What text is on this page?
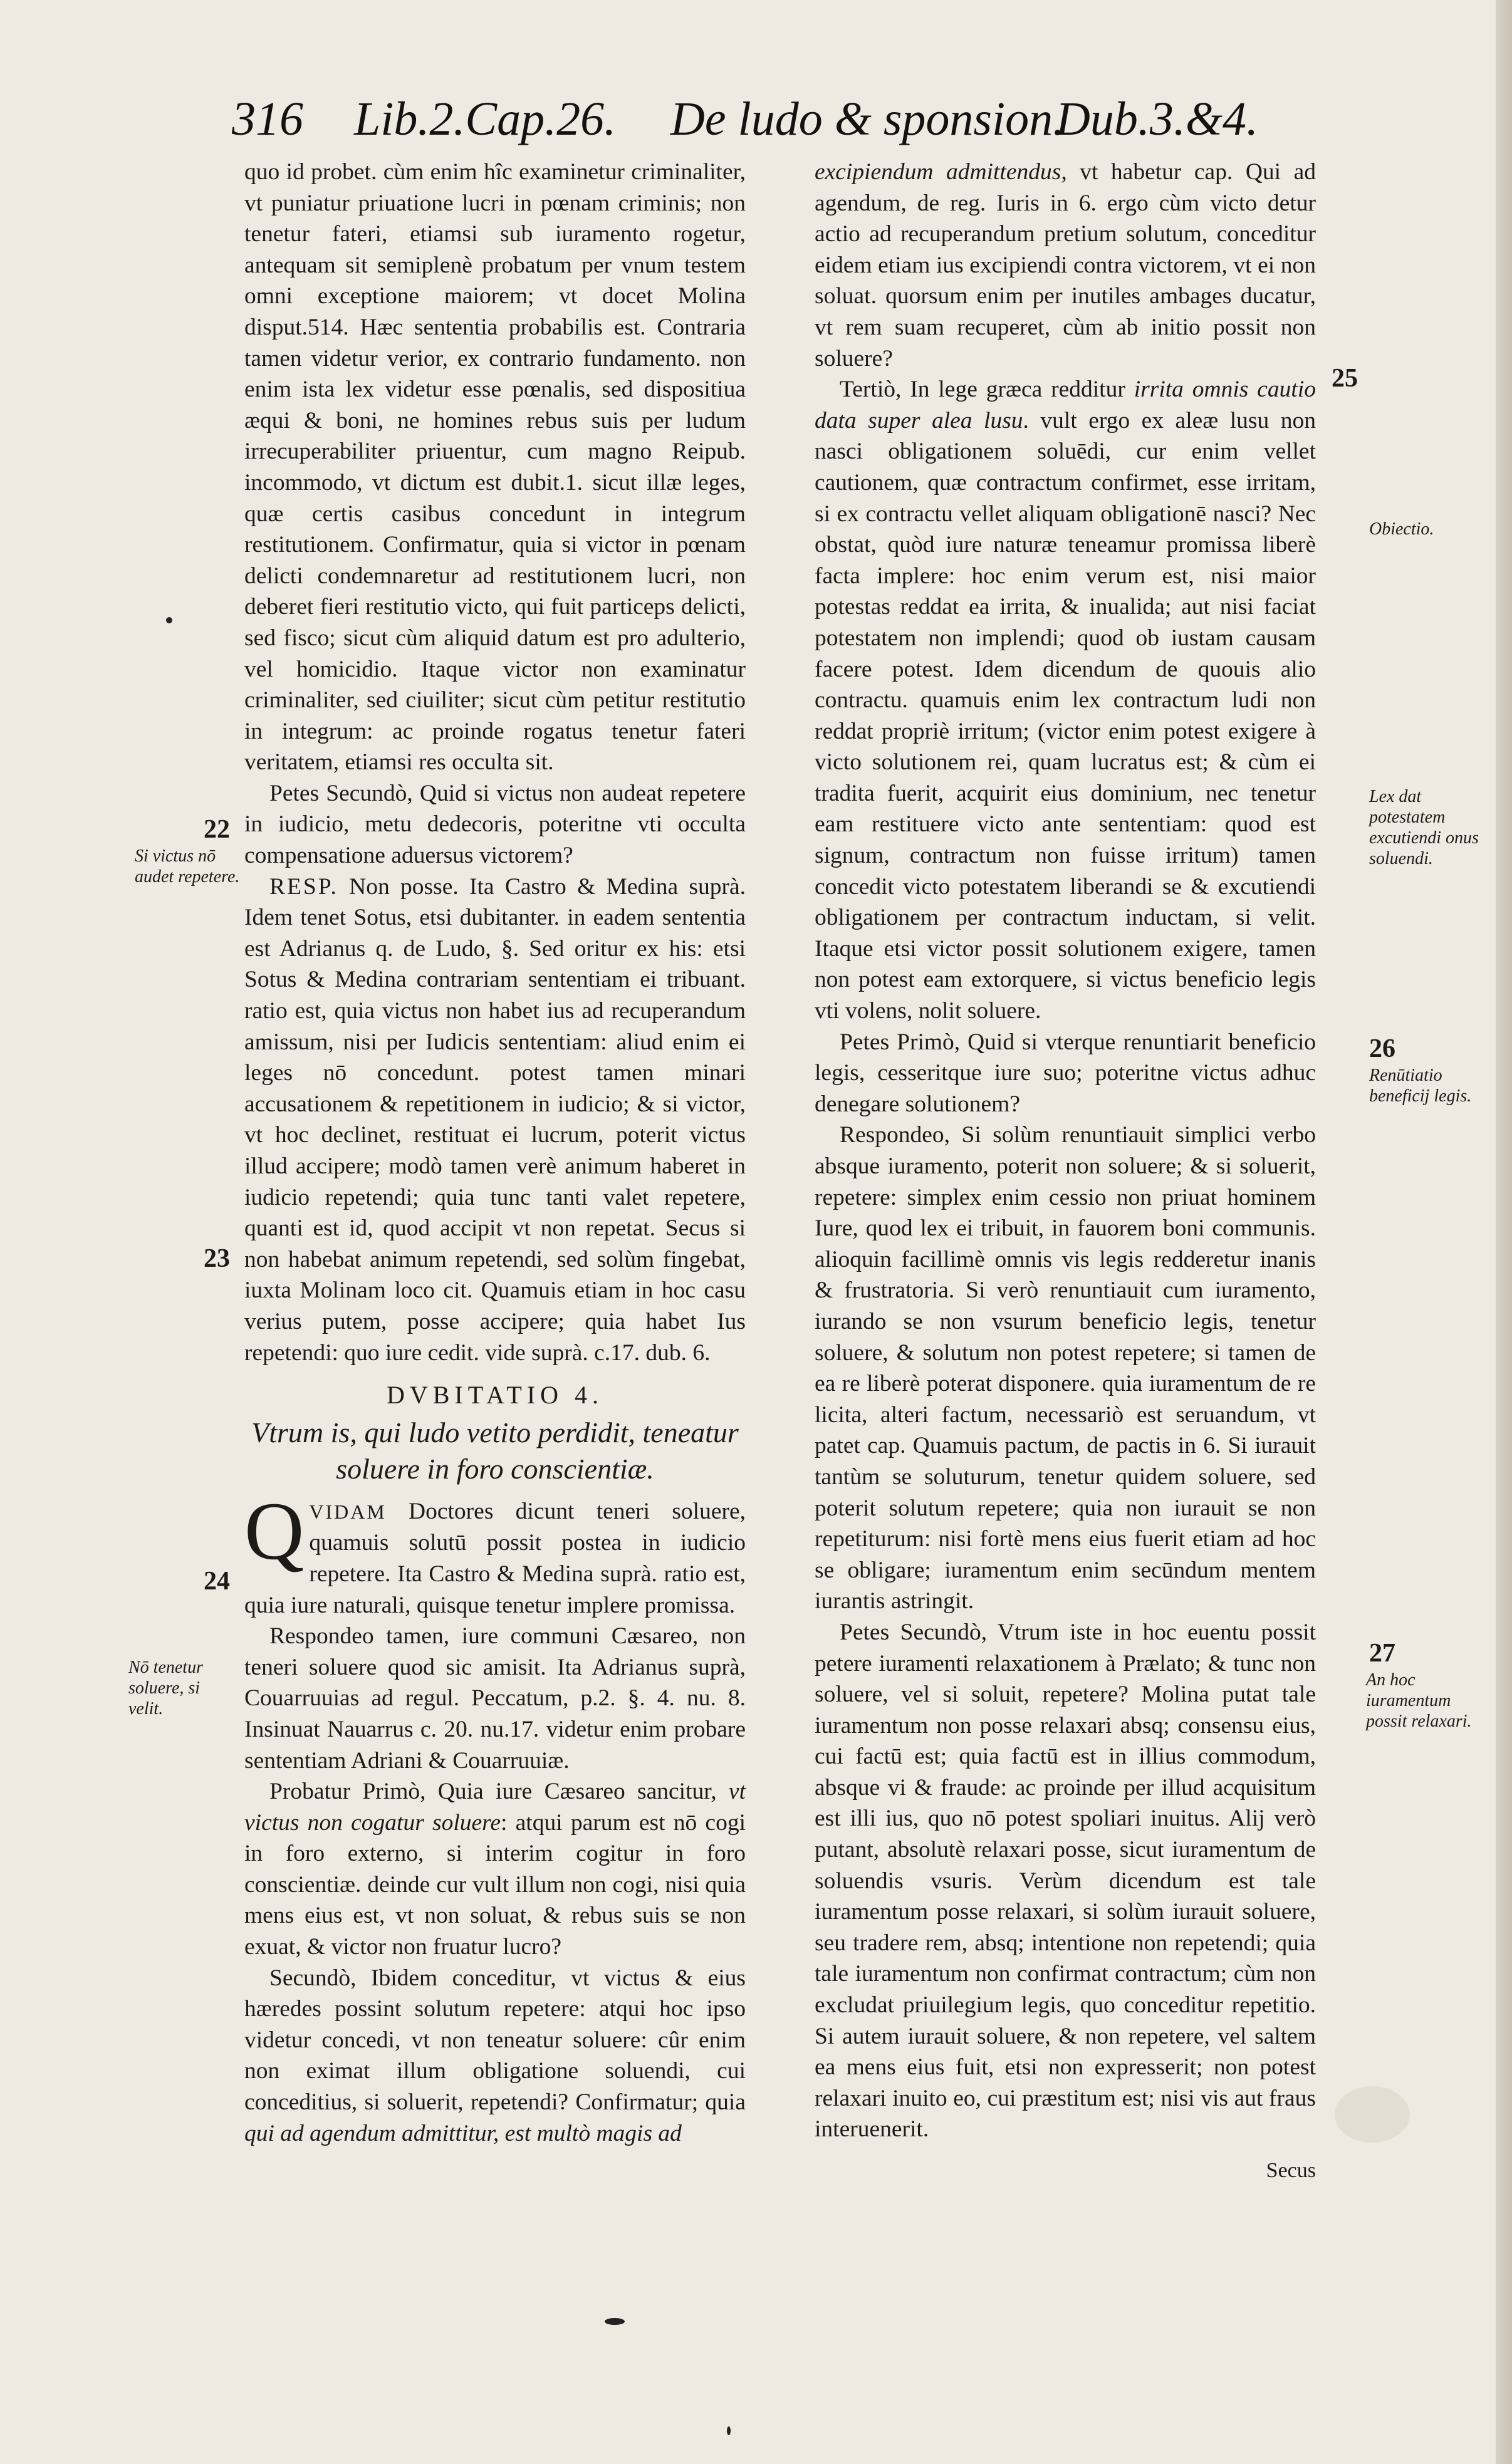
316 Lib.2.Cap.26. De ludo & sponsion.
Dub.3.&4.

quo id probet. cùm enim hîc examinetur criminaliter, vt puniatur priuatione lucri in pœnam criminis; non tenetur fateri, etiamsi sub iuramento rogetur, antequam sit semiplenè probatum per vnum testem omni exceptione maiorem; vt docet Molina disput.514. Hæc sententia probabilis est. Contraria tamen videtur verior, ex contrario fundamento. non enim ista lex videtur esse pœnalis, sed dispositiua æqui & boni, ne homines rebus suis per ludum irrecuperabiliter priuentur, cum magno Reipub. incommodo, vt dictum est dubit.1. sicut illæ leges, quæ certis casibus concedunt in integrum restitutionem. Confirmatur, quia si victor in pœnam delicti condemnaretur ad restitutionem lucri, non deberet fieri restitutio victo, qui fuit particeps delicti, sed fisco; sicut cùm aliquid datum est pro adulterio, vel homicidio. Itaque victor non examinatur criminaliter, sed ciuiliter; sicut cùm petitur restitutio in integrum: ac proinde rogatus tenetur fateri veritatem, etiamsi res occulta sit.

Petes Secundò, Quid si victus non audeat repetere in iudicio, metu dedecoris, poteritne vti occulta compensatione aduersus victorem?

RESP. Non posse. Ita Castro & Medina suprà. Idem tenet Sotus, etsi dubitanter. in eadem sententia est Adrianus q. de Ludo, §. Sed oritur ex his: etsi Sotus & Medina contrariam sententiam ei tribuant. ratio est, quia victus non habet ius ad recuperandum amissum, nisi per Iudicis sententiam: aliud enim ei leges nō concedunt. potest tamen minari accusationem & repetitionem in iudicio; & si victor, vt hoc declinet, restituat ei lucrum, poterit victus illud accipere; modò tamen verè animum haberet in iudicio repetendi; quia tunc tanti valet repetere, quanti est id, quod accipit vt non repetat. Secus si non habebat animum repetendi, sed solùm fingebat, iuxta Molinam loco cit. Quamuis etiam in hoc casu verius putem, posse accipere; quia habet Ius repetendi: quo iure cedit. vide suprà. c.17. dub. 6.

DVBITATIO 4.
Vtrum is, qui ludo vetito perdidit, teneatur soluere in foro conscientiæ.

QVIDAM Doctores dicunt teneri soluere, quamuis solutū possit postea in iudicio repetere. Ita Castro & Medina suprà. ratio est, quia iure naturali, quisque tenetur implere promissa.

Respondeo tamen, iure communi Cæsareo, non teneri soluere quod sic amisit. Ita Adrianus suprà, Couarruuias ad regul. Peccatum, p.2. §. 4. nu. 8. Insinuat Nauarrus c. 20. nu.17. videtur enim probare sententiam Adriani & Couarruuiæ.

Probatur Primò, Quia iure Cæsareo sancitur, vt victus non cogatur soluere: atqui parum est nō cogi in foro externo, si interim cogitur in foro conscientiæ. deinde cur vult illum non cogi, nisi quia mens eius est, vt non soluat, & rebus suis se non exuat, & victor non fruatur lucro?

Secundò, Ibidem conceditur, vt victus & eius hæredes possint solutum repetere: atqui hoc ipso videtur concedi, vt non teneatur soluere: cûr enim non eximat illum obligatione soluendi, cui conceditius, si soluerit, repetendi? Confirmatur; quia qui ad agendum admittitur, est multò magis ad

excipiendum admittendus, vt habetur cap. Qui ad agendum, de reg. Iuris in 6. ergo cùm victo detur actio ad recuperandum pretium solutum, conceditur eidem etiam ius excipiendi contra victorem, vt ei non soluat. quorsum enim per inutiles ambages ducatur, vt rem suam recuperet, cùm ab initio possit non soluere?

Tertiò, In lege græca redditur irrita omnis cautio data super alea lusu. vult ergo ex aleæ lusu non nasci obligationem soluēdi, cur enim vellet cautionem, quæ contractum confirmet, esse irritam, si ex contractu vellet aliquam obligationē nasci? Nec obstat, quòd iure naturæ teneamur promissa liberè facta implere: hoc enim verum est, nisi maior potestas reddat ea irrita, & inualida; aut nisi faciat potestatem non implendi; quod ob iustam causam facere potest. Idem dicendum de quouis alio contractu. quamuis enim lex contractum ludi non reddat propriè irritum; (victor enim potest exigere à victo solutionem rei, quam lucratus est; & cùm ei tradita fuerit, acquirit eius dominium, nec tenetur eam restituere victo ante sententiam: quod est signum, contractum non fuisse irritum) tamen concedit victo potestatem liberandi se & excutiendi obligationem per contractum inductam, si velit. Itaque etsi victor possit solutionem exigere, tamen non potest eam extorquere, si victus beneficio legis vti volens, nolit soluere.

Petes Primò, Quid si vterque renuntiarit beneficio legis, cesseritque iure suo; poteritne victus adhuc denegare solutionem?

Respondeo, Si solùm renuntiauit simplici verbo absque iuramento, poterit non soluere; & si soluerit, repetere: simplex enim cessio non priuat hominem Iure, quod lex ei tribuit, in fauorem boni communis. alioquin facillimè omnis vis legis redderetur inanis & frustratoria. Si verò renuntiauit cum iuramento, iurando se non vsurum beneficio legis, tenetur soluere, & solutum non potest repetere; si tamen de ea re liberè poterat disponere. quia iuramentum de re licita, alteri factum, necessariò est seruandum, vt patet cap. Quamuis pactum, de pactis in 6. Si iurauit tantùm se soluturum, tenetur quidem soluere, sed poterit solutum repetere; quia non iurauit se non repetiturum: nisi fortè mens eius fuerit etiam ad hoc se obligare; iuramentum enim secūndum mentem iurantis astringit.

Petes Secundò, Vtrum iste in hoc euentu possit petere iuramenti relaxationem à Prælato; & tunc non soluere, vel si soluit, repetere? Molina putat tale iuramentum non posse relaxari absq; consensu eius, cui factū est; quia factū est in illius commodum, absque vi & fraude: ac proinde per illud acquisitum est illi ius, quo nō potest spoliari inuitus. Alij verò putant, absolutè relaxari posse, sicut iuramentum de soluendis vsuris. Verùm dicendum est tale iuramentum posse relaxari, si solùm iurauit soluere, seu tradere rem, absq; intentione non repetendi; quia tale iuramentum non confirmat contractum; cùm non excludat priuilegium legis, quo conceditur repetitio. Si autem iurauit soluere, & non repetere, vel saltem ea mens eius fuit, etsi non expresserit; non potest relaxari inuito eo, cui præstitum est; nisi vis aut fraus interuenerit.

Secus
22
Si victus nō audet repetere.
23
24
Nō tenetur soluere, si velit.
25
Obiectio.
Lex dat potestatem excutiendi onus soluendi.
26
Renūtiatio beneficij legis.
27
An hoc iuramentum possit relaxari.
